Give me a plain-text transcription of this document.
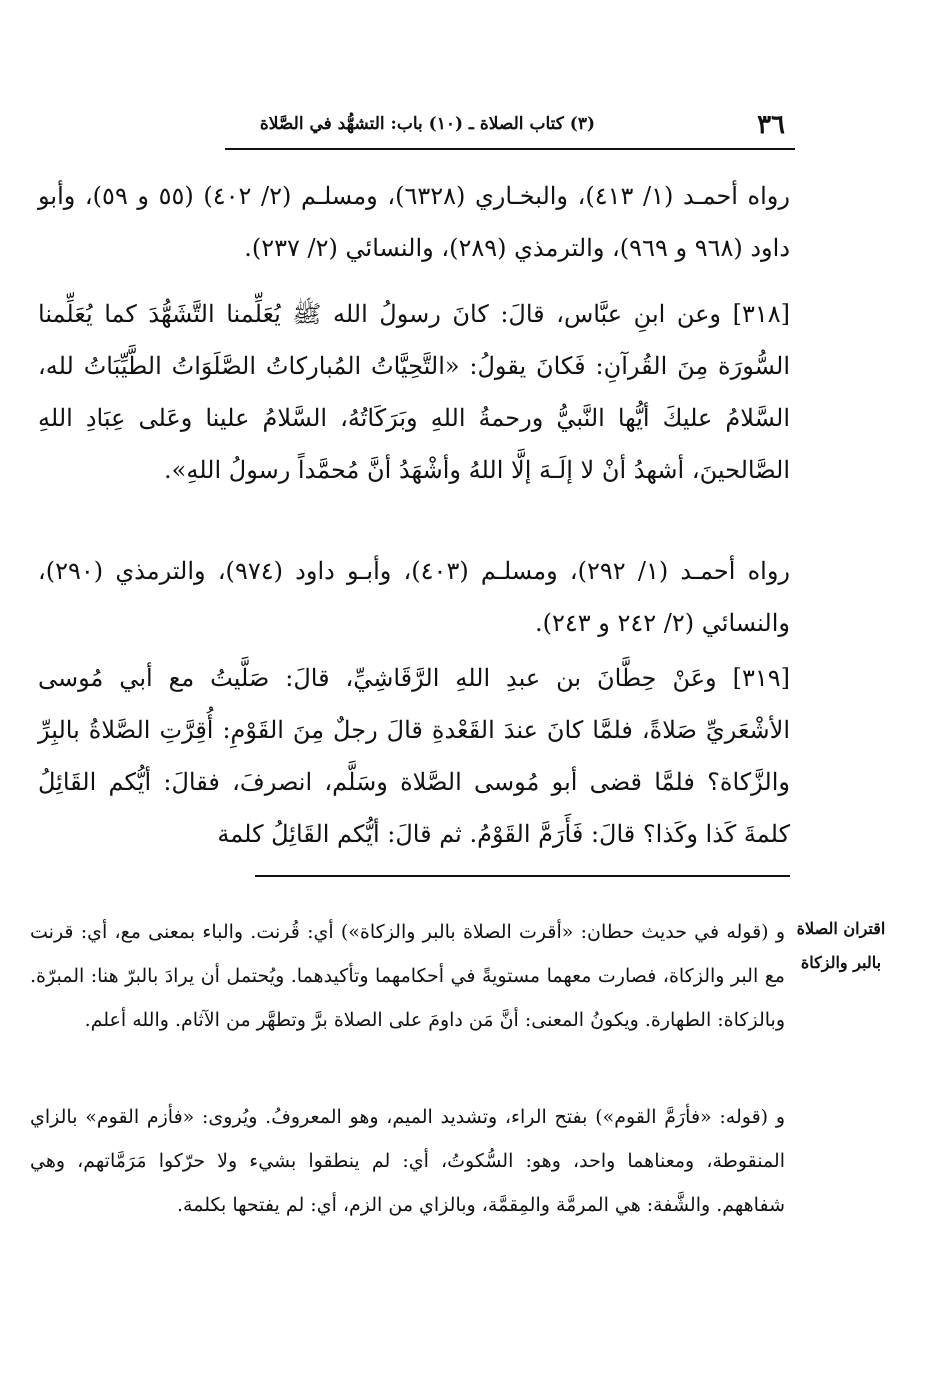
٣٦
(٣) كتاب الصلاة ـ (١٠) باب: التشهُّد في الصَّلاة

رواه أحمـد (١/ ٤١٣)، والبخـاري (٦٣٢٨)، ومسلـم (٢/ ٤٠٢) (٥٥ و ٥٩)، وأبو داود (٩٦٨ و ٩٦٩)، والترمذي (٢٨٩)، والنسائي (٢/ ٢٣٧).

[٣١٨] وعن ابنِ عبَّاس، قالَ: كانَ رسولُ الله ﷺ يُعَلِّمنا التَّشَهُّدَ كما يُعَلِّمنا السُّورَة مِنَ القُرآنِ: فَكانَ يقولُ: «التَّحِيَّاتُ المُباركاتُ الصَّلَوَاتُ الطَّيِّبَاتُ لله، السَّلامُ عليكَ أيُّها النَّبيُّ ورحمةُ اللهِ وبَرَكَاتُهُ، السَّلامُ علينا وعَلى عِبَادِ اللهِ الصَّالحينَ، أشهدُ أنْ لا إلَـهَ إلَّا اللهُ وأشْهَدُ أنَّ مُحمَّداً رسولُ اللهِ».

رواه أحمـد (١/ ٢٩٢)، ومسلـم (٤٠٣)، وأبـو داود (٩٧٤)، والترمذي (٢٩٠)، والنسائي (٢/ ٢٤٢ و ٢٤٣).

[٣١٩] وعَنْ حِطَّانَ بن عبدِ اللهِ الرَّقَاشِيِّ، قالَ: صَلَّيتُ مع أبي مُوسى الأشْعَريِّ صَلاةً، فلمَّا كانَ عندَ القَعْدةِ قالَ رجلٌ مِنَ القَوْمِ: أُقِرَّتِ الصَّلاةُ بالبِرِّ والزَّكاة؟ فلمَّا قضى أبو مُوسى الصَّلاة وسَلَّم، انصرفَ، فقالَ: أيُّكم القَائِلُ كلمةَ كَذا وكَذا؟ قالَ: فَأَرَمَّ القَوْمُ. ثم قالَ: أيُّكم القَائِلُ كلمة

اقتران الصلاة
بالبر والزكاة

و (قوله في حديث حطان: «أقرت الصلاة بالبر والزكاة») أي: قُرنت. والباء بمعنى مع، أي: قرنت مع البر والزكاة، فصارت معهما مستويةً في أحكامهما وتأكيدهما. ويُحتمل أن يرادَ بالبرّ هنا: المبرّة. وبالزكاة: الطهارة. ويكونُ المعنى: أنَّ مَن داومَ على الصلاة برَّ وتطهَّر من الآثام. والله أعلم.

و (قوله: «فأرَمَّ القوم») بفتح الراء، وتشديد الميم، وهو المعروفُ. ويُروى: «فأزم القوم» بالزاي المنقوطة، ومعناهما واحد، وهو: السُّكوتُ، أي: لم ينطقوا بشيء ولا حرّكوا مَرَمَّاتهم، وهي شفاههم. والشَّفة: هي المرمَّة والمِقمَّة، وبالزاي من الزم، أي: لم يفتحها بكلمة.
